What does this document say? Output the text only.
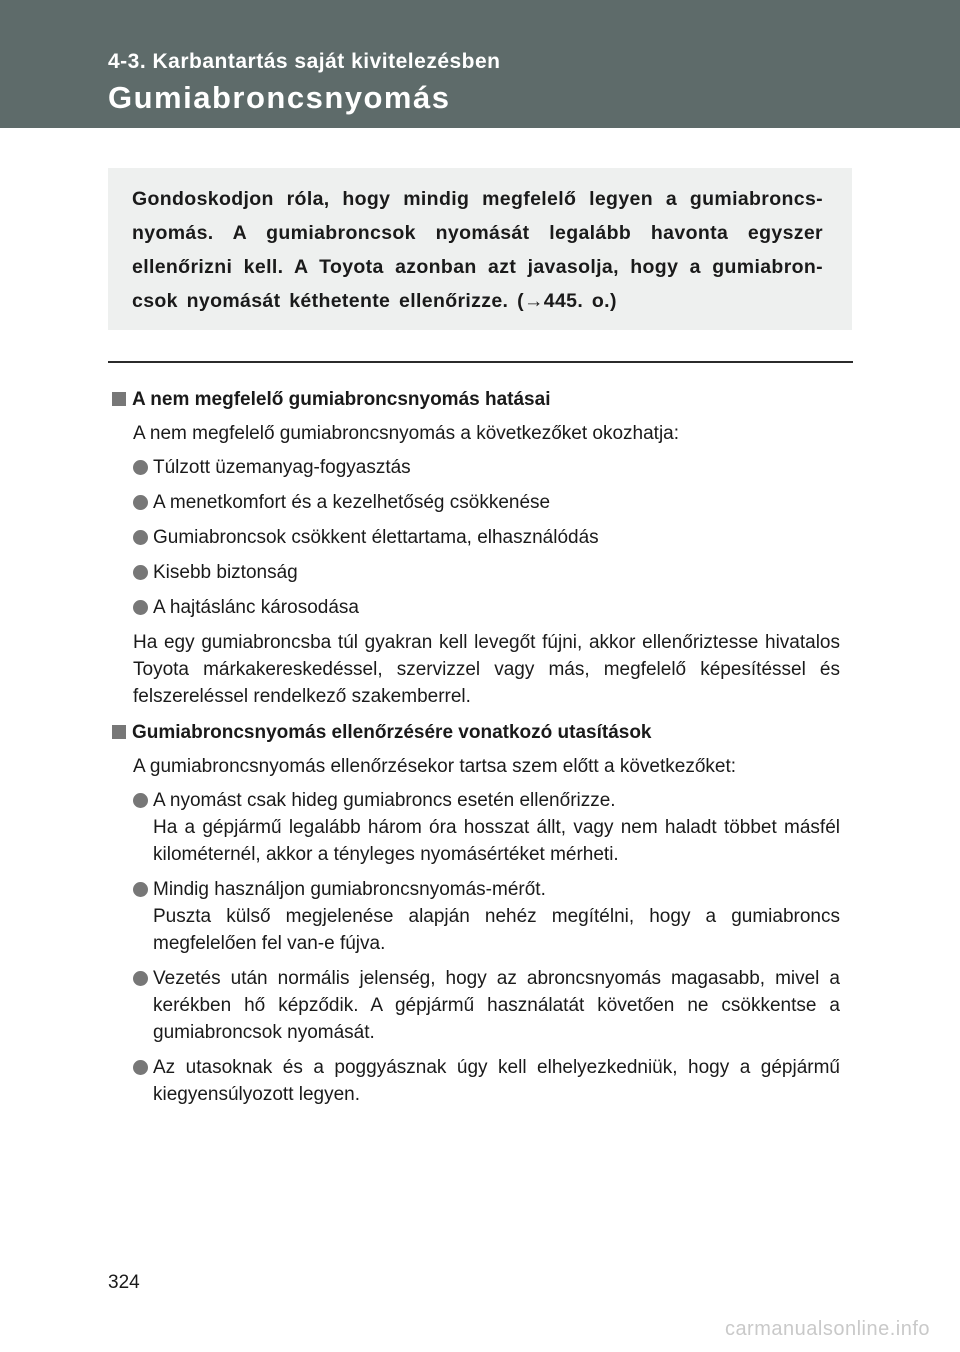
4-3. Karbantartás saját kivitelezésben
Gumiabroncsnyomás

Gondoskodjon róla, hogy mindig megfelelő legyen a gumiabroncs- nyomás. A gumiabroncsok nyomását legalább havonta egyszer ellenőrizni kell. A Toyota azonban azt javasolja, hogy a gumiabron- csok nyomását kéthetente ellenőrizze. (→445. o.)

A nem megfelelő gumiabroncsnyomás hatásai

A nem megfelelő gumiabroncsnyomás a következőket okozhatja:

Túlzott üzemanyag-fogyasztás
A menetkomfort és a kezelhetőség csökkenése
Gumiabroncsok csökkent élettartama, elhasználódás
Kisebb biztonság
A hajtáslánc károsodása

Ha egy gumiabroncsba túl gyakran kell levegőt fújni, akkor ellenőriztesse hivatalos Toyota márkakereskedéssel, szervizzel vagy más, megfelelő képesítéssel és felszereléssel rendelkező szakemberrel.

Gumiabroncsnyomás ellenőrzésére vonatkozó utasítások

A gumiabroncsnyomás ellenőrzésekor tartsa szem előtt a következőket:

A nyomást csak hideg gumiabroncs esetén ellenőrizze.
Ha a gépjármű legalább három óra hosszat állt, vagy nem haladt többet másfél kilométernél, akkor a tényleges nyomásértéket mérheti.
Mindig használjon gumiabroncsnyomás-mérőt.
Puszta külső megjelenése alapján nehéz megítélni, hogy a gumiabroncs megfelelően fel van-e fújva.
Vezetés után normális jelenség, hogy az abroncsnyomás magasabb, mivel a kerékben hő képződik. A gépjármű használatát követően ne csökkentse a gumiabroncsok nyomását.
Az utasoknak és a poggyásznak úgy kell elhelyezkedniük, hogy a gépjármű kiegyensúlyozott legyen.
324
carmanualsonline.info
